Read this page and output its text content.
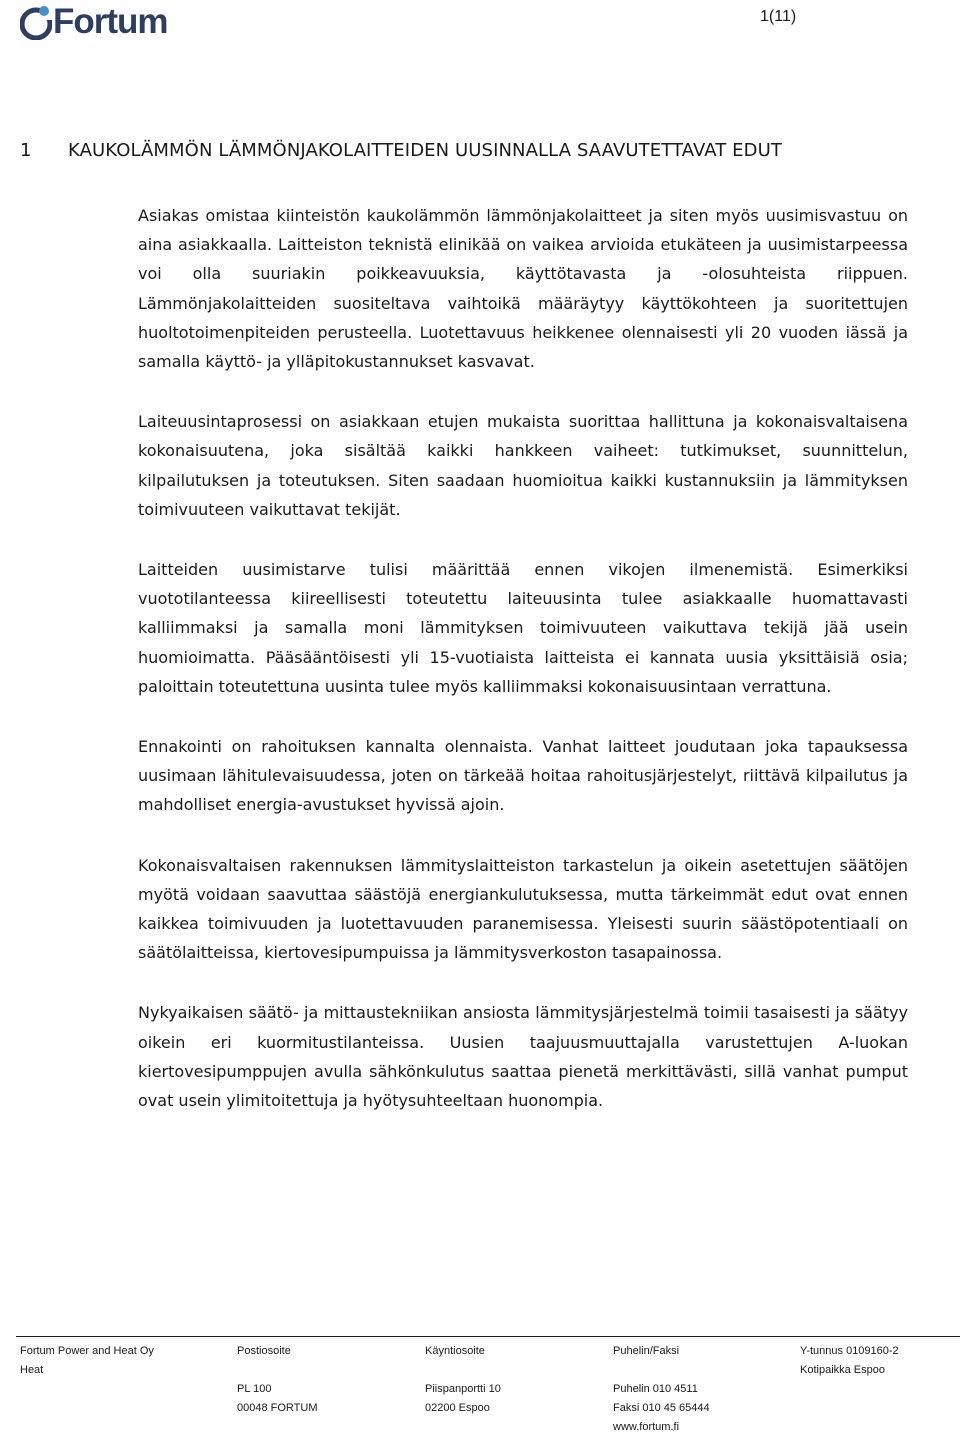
Fortum	1(11)
1 KAUKOLÄMMÖN LÄMMÖNJAKOLAITTEIDEN UUSINNALLA SAAVUTETTAVAT EDUT

Asiakas omistaa kiinteistön kaukolämmön lämmönjakolaitteet ja siten myös uusimisvastuu on aina asiakkaalla. Laitteiston teknistä elinikää on vaikea arvioida etukäteen ja uusimistarpeessa voi olla suuriakin poikkeavuuksia, käyttötavasta ja -olosuhteista riippuen. Lämmönjakolaitteiden suositeltava vaihtoikä määräytyy käyttökohteen ja suoritettujen huoltotoimenpiteiden perusteella. Luotettavuus heikkenee olennaisesti yli 20 vuoden iässä ja samalla käyttö- ja ylläpitokustannukset kasvavat.

Laiteuusintaprosessi on asiakkaan etujen mukaista suorittaa hallittuna ja kokonaisvaltaisena kokonaisuutena, joka sisältää kaikki hankkeen vaiheet: tutkimukset, suunnittelun, kilpailutuksen ja toteutuksen. Siten saadaan huomioitua kaikki kustannuksiin ja lämmityksen toimivuuteen vaikuttavat tekijät.

Laitteiden uusimistarve tulisi määrittää ennen vikojen ilmenemistä. Esimerkiksi vuototilanteessa kiireellisesti toteutettu laiteuusinta tulee asiakkaalle huomattavasti kalliimmaksi ja samalla moni lämmityksen toimivuuteen vaikuttava tekijä jää usein huomioimatta. Pääsääntöisesti yli 15-vuotiaista laitteista ei kannata uusia yksittäisiä osia; paloittain toteutettuna uusinta tulee myös kalliimmaksi kokonaisuusintaan verrattuna.

Ennakointi on rahoituksen kannalta olennaista. Vanhat laitteet joudutaan joka tapauksessa uusimaan lähitulevaisuudessa, joten on tärkeää hoitaa rahoitusjärjestelyt, riittävä kilpailutus ja mahdolliset energia-avustukset hyvissä ajoin.

Kokonaisvaltaisen rakennuksen lämmityslaitteiston tarkastelun ja oikein asetettujen säätöjen myötä voidaan saavuttaa säästöjä energiankulutuksessa, mutta tärkeimmät edut ovat ennen kaikkea toimivuuden ja luotettavuuden paranemisessa. Yleisesti suurin säästöpotentiaali on säätölaitteissa, kiertovesipumpuissa ja lämmitysverkoston tasapainossa.

Nykyaikaisen säätö- ja mittaustekniikan ansiosta lämmitysjärjestelmä toimii tasaisesti ja säätyy oikein eri kuormitustilanteissa. Uusien taajuusmuuttajalla varustettujen A-luokan kiertovesipumppujen avulla sähkönkulutus saattaa pienetä merkittävästi, sillä vanhat pumput ovat usein ylimitoitettuja ja hyötysuhteeltaan huonompia.

Fortum Power and Heat Oy
Heat
Postiosoite
PL 100
00048 FORTUM
Käyntiosoite
Piispanportti 10
02200 Espoo
Puhelin/Faksi
Puhelin 010 4511
Faksi 010 45 65444
www.fortum.fi
Y-tunnus 0109160-2
Kotipaikka Espoo
